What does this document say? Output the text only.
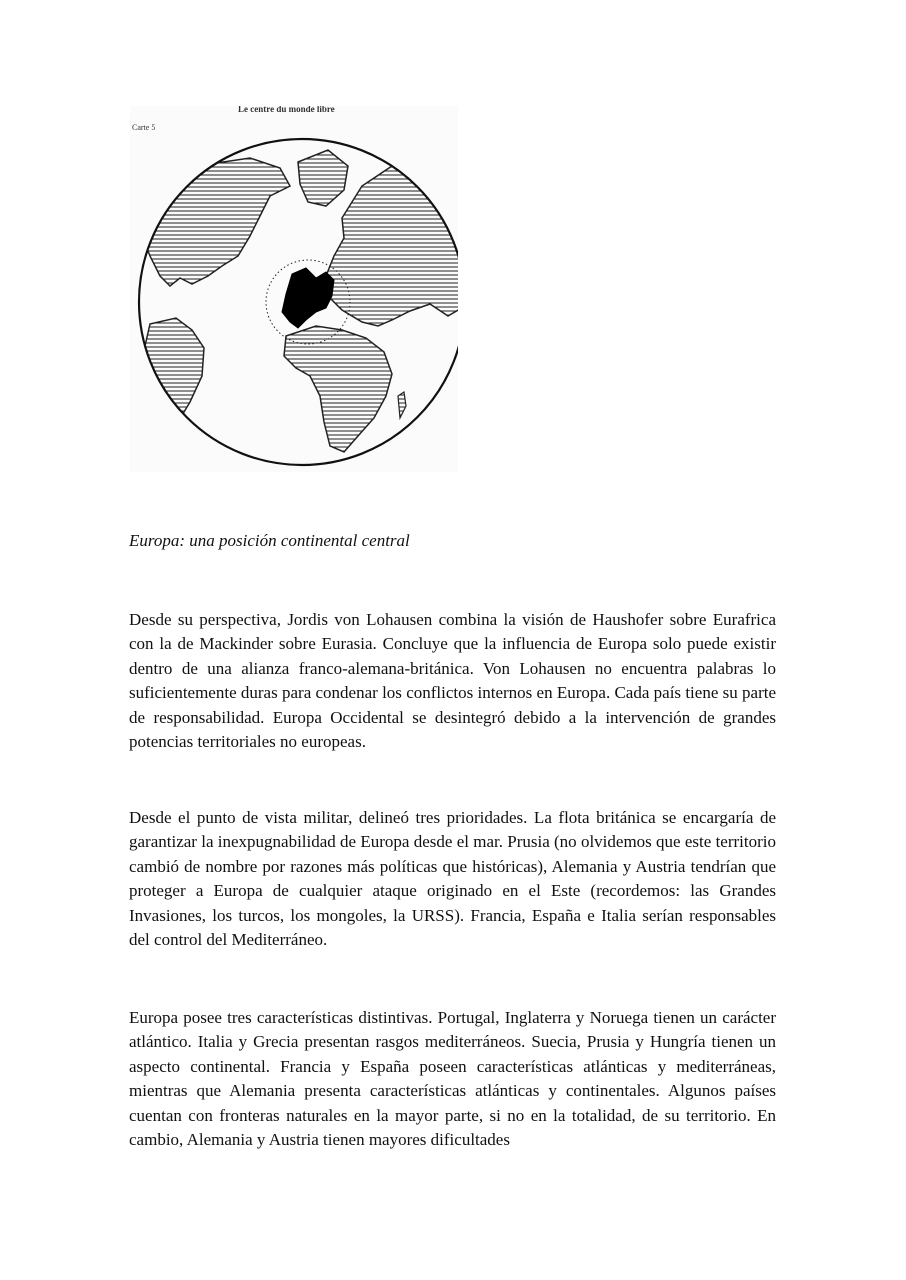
Le centre du monde libre
Carte 5

Europa: una posición continental central

Desde su perspectiva, Jordis von Lohausen combina la visión de Haushofer sobre Eurafrica con la de Mackinder sobre Eurasia. Concluye que la influencia de Europa solo puede existir dentro de una alianza franco-alemana-británica. Von Lohausen no encuentra palabras lo suficientemente duras para condenar los conflictos internos en Europa. Cada país tiene su parte de responsabilidad. Europa Occidental se desintegró debido a la intervención de grandes potencias territoriales no europeas.

Desde el punto de vista militar, delineó tres prioridades. La flota británica se encargaría de garantizar la inexpugnabilidad de Europa desde el mar. Prusia (no olvidemos que este territorio cambió de nombre por razones más políticas que históricas), Alemania y Austria tendrían que proteger a Europa de cualquier ataque originado en el Este (recordemos: las Grandes Invasiones, los turcos, los mongoles, la URSS). Francia, España e Italia serían responsables del control del Mediterráneo.

Europa posee tres características distintivas. Portugal, Inglaterra y Noruega tienen un carácter atlántico. Italia y Grecia presentan rasgos mediterráneos. Suecia, Prusia y Hungría tienen un aspecto continental. Francia y España poseen características atlánticas y mediterráneas, mientras que Alemania presenta características atlánticas y continentales. Algunos países cuentan con fronteras naturales en la mayor parte, si no en la totalidad, de su territorio. En cambio, Alemania y Austria tienen mayores dificultades
